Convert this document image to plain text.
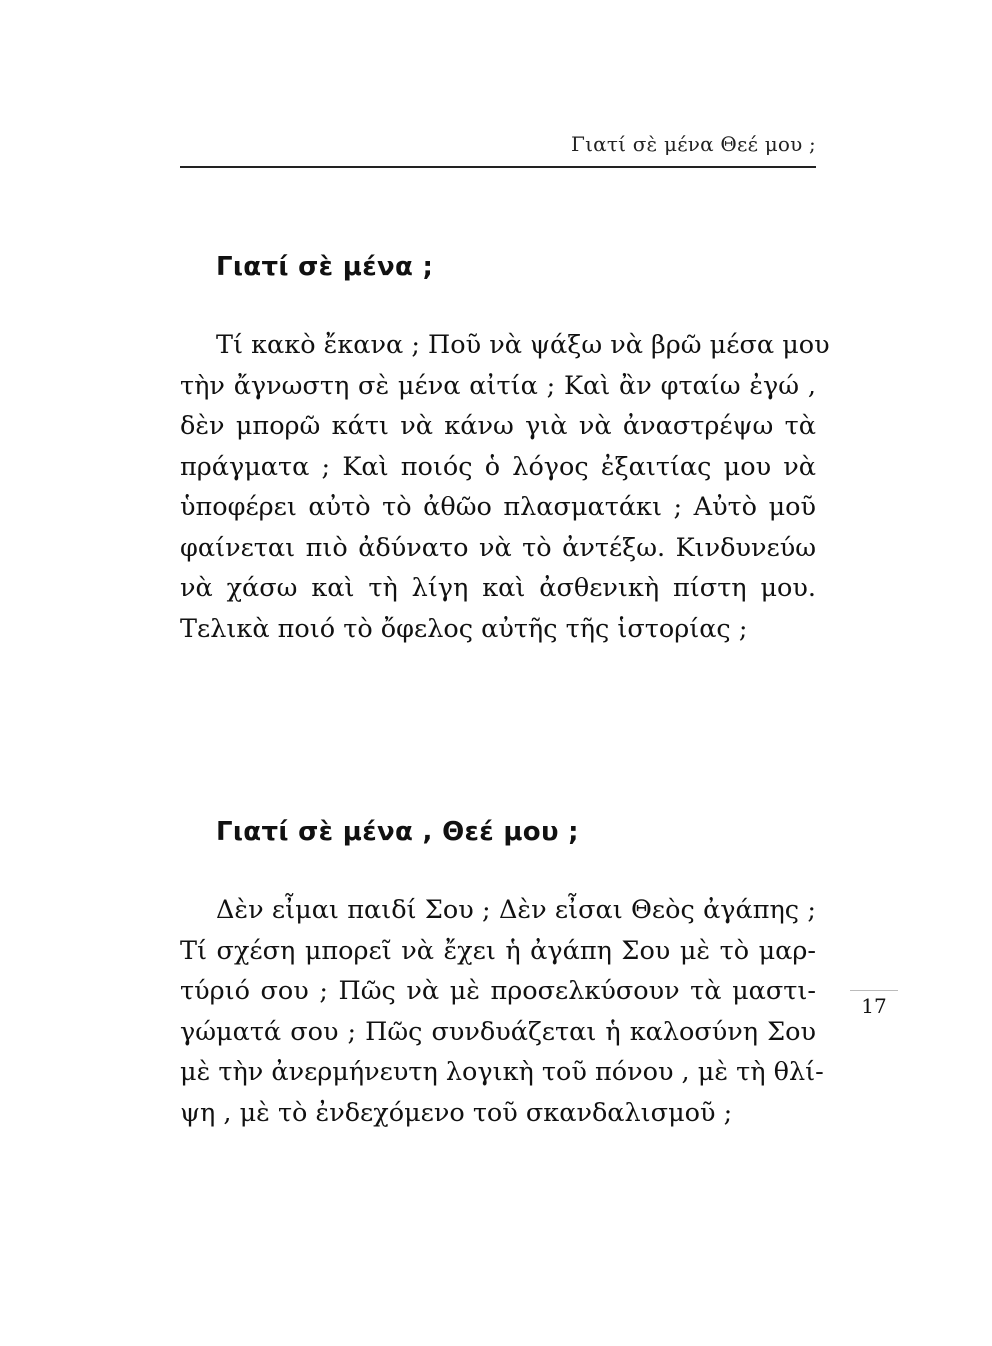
Γιατί σὲ μένα Θεέ μου ;
Γιατί σὲ μένα ;
Τί κακὸ ἔκανα ; Ποῦ νὰ ψάξω νὰ βρῶ μέσα μου
τὴν ἄγνωστη σὲ μένα αἰτία ; Καὶ ἂν φταίω ἐγώ ,
δὲν μπορῶ κάτι νὰ κάνω γιὰ νὰ ἀναστρέψω τὰ
πράγματα ; Καὶ ποιός ὁ λόγος ἐξαιτίας μου νὰ
ὑποφέρει αὐτὸ τὸ ἀθῶο πλασματάκι ; Αὐτὸ μοῦ
φαίνεται πιὸ ἀδύνατο νὰ τὸ ἀντέξω. Κινδυνεύω
νὰ χάσω καὶ τὴ λίγη καὶ ἀσθενικὴ πίστη μου.
Τελικὰ ποιό τὸ ὄφελος αὐτῆς τῆς ἱστορίας ;
Γιατί σὲ μένα , Θεέ μου ;
Δὲν εἶμαι παιδί Σου ; Δὲν εἶσαι Θεὸς ἀγάπης ;
Τί σχέση μπορεῖ νὰ ἔχει ἡ ἀγάπη Σου μὲ τὸ μαρ-
τύριό σου ; Πῶς νὰ μὲ προσελκύσουν τὰ μαστι-
γώματά σου ; Πῶς συνδυάζεται ἡ καλοσύνη Σου
μὲ τὴν ἀνερμήνευτη λογικὴ τοῦ πόνου , μὲ τὴ θλί-
ψη , μὲ τὸ ἐνδεχόμενο τοῦ σκανδαλισμοῦ ;
17
